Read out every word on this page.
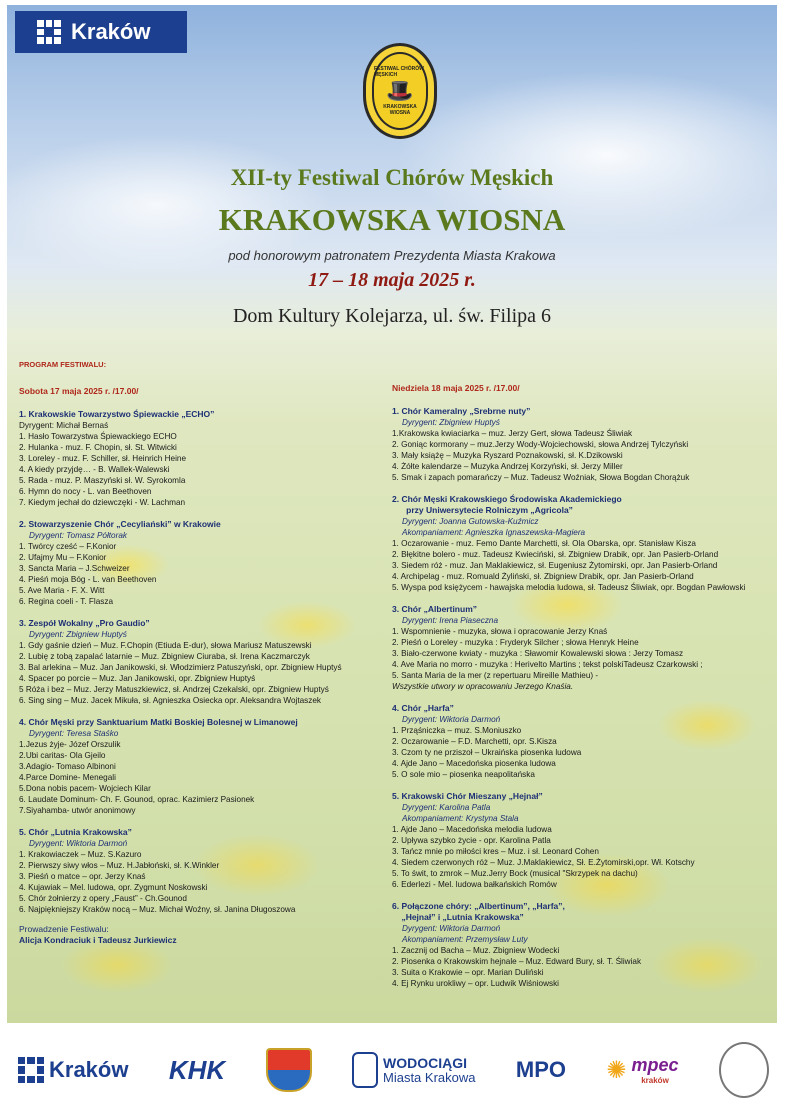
Kraków
FESTIWAL CHÓRÓW MĘSKICH
🎩
KRAKOWSKA WIOSNA
XII-ty Festiwal Chórów Męskich
KRAKOWSKA WIOSNA
pod honorowym patronatem Prezydenta Miasta Krakowa
17 – 18 maja 2025 r.
Dom Kultury Kolejarza, ul. św. Filipa 6
PROGRAM FESTIWALU:
Sobota 17 maja 2025 r. /17.00/
1. Krakowskie Towarzystwo Śpiewackie „ECHO”
Dyrygent: Michał Bernaś
1. Hasło Towarzystwa Śpiewackiego ECHO
2. Hulanka - muz. F. Chopin, sł. St. Witwicki
3. Loreley - muz. F. Schiller, sł. Heinrich Heine
4. A kiedy przyjdę… - B. Wallek-Walewski
5. Rada - muz. P. Maszyński sł. W. Syrokomla
6. Hymn do nocy - L. van Beethoven
7. Kiedym jechał do dziewczęki - W. Lachman
2. Stowarzyszenie Chór „Cecyliański” w Krakowie
Dyrygent: Tomasz Półtorak
1. Twórcy cześć – F.Konior
2. Ufajmy Mu – F.Konior
3. Sancta Maria – J.Schweizer
4. Pieśń moja Bóg - L. van Beethoven
5. Ave Maria - F. X. Witt
6. Regina coeli - T. Flasza
3. Zespół Wokalny „Pro Gaudio”
Dyrygent: Zbigniew Huptyś
1. Gdy gaśnie dzień – Muz. F.Chopin (Etiuda E-dur), słowa Mariusz Matuszewski
2. Lubię z tobą zapalać latarnie – Muz. Zbigniew Ciuraba, sł. Irena Kaczmarczyk
3. Bal arlekina – Muz. Jan Janikowski, sł. Włodzimierz Patuszyński, opr. Zbigniew Huptyś
4. Spacer po porcie – Muz. Jan Janikowski, opr. Zbigniew Huptyś
5 Róża i bez – Muz. Jerzy Matuszkiewicz, sł. Andrzej Czekalski, opr. Zbigniew Huptyś
6. Sing sing – Muz. Jacek Mikuła, sł. Agnieszka Osiecka opr. Aleksandra Wojtaszek
4. Chór Męski przy Sanktuarium Matki Boskiej Bolesnej w Limanowej
Dyrygent: Teresa Staśko
1.Jezus żyje- Józef Orszulik
2.Ubi caritas- Ola Gjeilo
3.Adagio- Tomaso Albinoni
4.Parce Domine- Menegali
5.Dona nobis pacem- Wojciech Kilar
6. Laudate Dominum- Ch. F. Gounod, oprac. Kazimierz Pasionek
7.Siyahamba- utwór anonimowy
5. Chór „Lutnia Krakowska”
Dyrygent: Wiktoria Darmoń
1. Krakowiaczek – Muz. S.Kazuro
2. Pierwszy siwy włos – Muz. H.Jabłoński, sł. K.Winkler
3. Pieśń o matce – opr. Jerzy Knaś
4. Kujawiak – Mel. ludowa, opr. Zygmunt Noskowski
5. Chór żołnierzy z opery „Faust” - Ch.Gounod
6. Najpiękniejszy Kraków nocą – Muz. Michał Woźny, sł. Janina Długoszowa
Prowadzenie Festiwalu:
Alicja Kondraciuk i Tadeusz Jurkiewicz
Niedziela 18 maja 2025 r. /17.00/
1. Chór Kameralny „Srebrne nuty”
Dyrygent: Zbigniew Huptyś
1.Krakowska kwiaciarka – muz. Jerzy Gert, słowa Tadeusz Śliwiak
2. Goniąc kormorany – muz.Jerzy Wody-Wojciechowski, słowa Andrzej Tylczyński
3. Mały książę – Muzyka Ryszard Poznakowski, sł. K.Dzikowski
4. Żółte kalendarze – Muzyka Andrzej Korzyński, sł. Jerzy Miller
5. Smak i zapach pomarańczy – Muz. Tadeusz Woźniak, Słowa Bogdan Chorążuk
2. Chór Męski Krakowskiego Środowiska Akademickiego
przy Uniwersytecie Rolniczym „Agricola”
Dyrygent: Joanna Gutowska-Kuźmicz
Akompaniament: Agnieszka Ignaszewska-Magiera
1. Oczarowanie - muz. Femo Dante Marchetti, sł. Ola Obarska, opr. Stanisław Kisza
2. Błękitne bolero - muz. Tadeusz Kwieciński, sł. Zbigniew Drabik, opr. Jan Pasierb-Orland
3. Siedem róż - muz. Jan Maklakiewicz, sł. Eugeniusz Żytomirski, opr. Jan Pasierb-Orland
4. Archipelag - muz. Romuald Żyliński, sł. Zbigniew Drabik, opr. Jan Pasierb-Orland
5. Wyspa pod księżycem - hawajska melodia ludowa, sł. Tadeusz Śliwiak, opr. Bogdan Pawłowski
3. Chór „Albertinum”
Dyrygent: Irena Piaseczna
1. Wspomnienie - muzyka, słowa i opracowanie Jerzy Knaś
2. Pieśń o Loreley - muzyka : Fryderyk Silcher ; słowa Henryk Heine
3. Biało-czerwone kwiaty - muzyka : Sławomir Kowalewski słowa : Jerzy Tomasz
4. Ave Maria no morro - muzyka : Herivelto Martins ; tekst polskiTadeusz Czarkowski ;
5. Santa Maria de la mer (z repertuaru Mireille Mathieu) -
Wszystkie utwory w opracowaniu Jerzego Knaśia.
4. Chór „Harfa”
Dyrygent: Wiktoria Darmoń
1. Prząśniczka – muz. S.Moniuszko
2. Oczarowanie – F.D. Marchetti, opr. S.Kisza
3. Czom ty ne prziszoł – Ukraińska piosenka ludowa
4. Ajde Jano – Macedońska piosenka ludowa
5. O sole mio – piosenka neapolitańska
5. Krakowski Chór Mieszany „Hejnał”
Dyrygent: Karolina Patla
Akompaniament: Krystyna Stala
1. Ajde Jano – Macedońska melodia ludowa
2. Upływa szybko życie - opr. Karolina Patla
3. Tańcz mnie po miłości kres – Muz. i sł. Leonard Cohen
4. Siedem czerwonych róż – Muz. J.Maklakiewicz, Sł. E.Żytomirski,opr. Wł. Kotschy
5. To świt, to zmrok – Muz.Jerry Bock (musical "Skrzypek na dachu)
6. Ederlezi - Mel. ludowa bałkańskich Romów
6. Połączone chóry: „Albertinum”, „Harfa”,
„Hejnał” i „Lutnia Krakowska”
Dyrygent: Wiktoria Darmoń
Akompaniament: Przemysław Luty
1. Zacznij od Bacha – Muz. Zbigniew Wodecki
2. Piosenka o Krakowskim hejnale – Muz. Edward Bury, sł. T. Śliwiak
3. Suita o Krakowie – opr. Marian Duliński
4. Ej Rynku urokliwy – opr. Ludwik Wiśniowski
Kraków KHK	WODOCIĄGI
Miasta Krakowa MPO ✺ mpec
kraków
